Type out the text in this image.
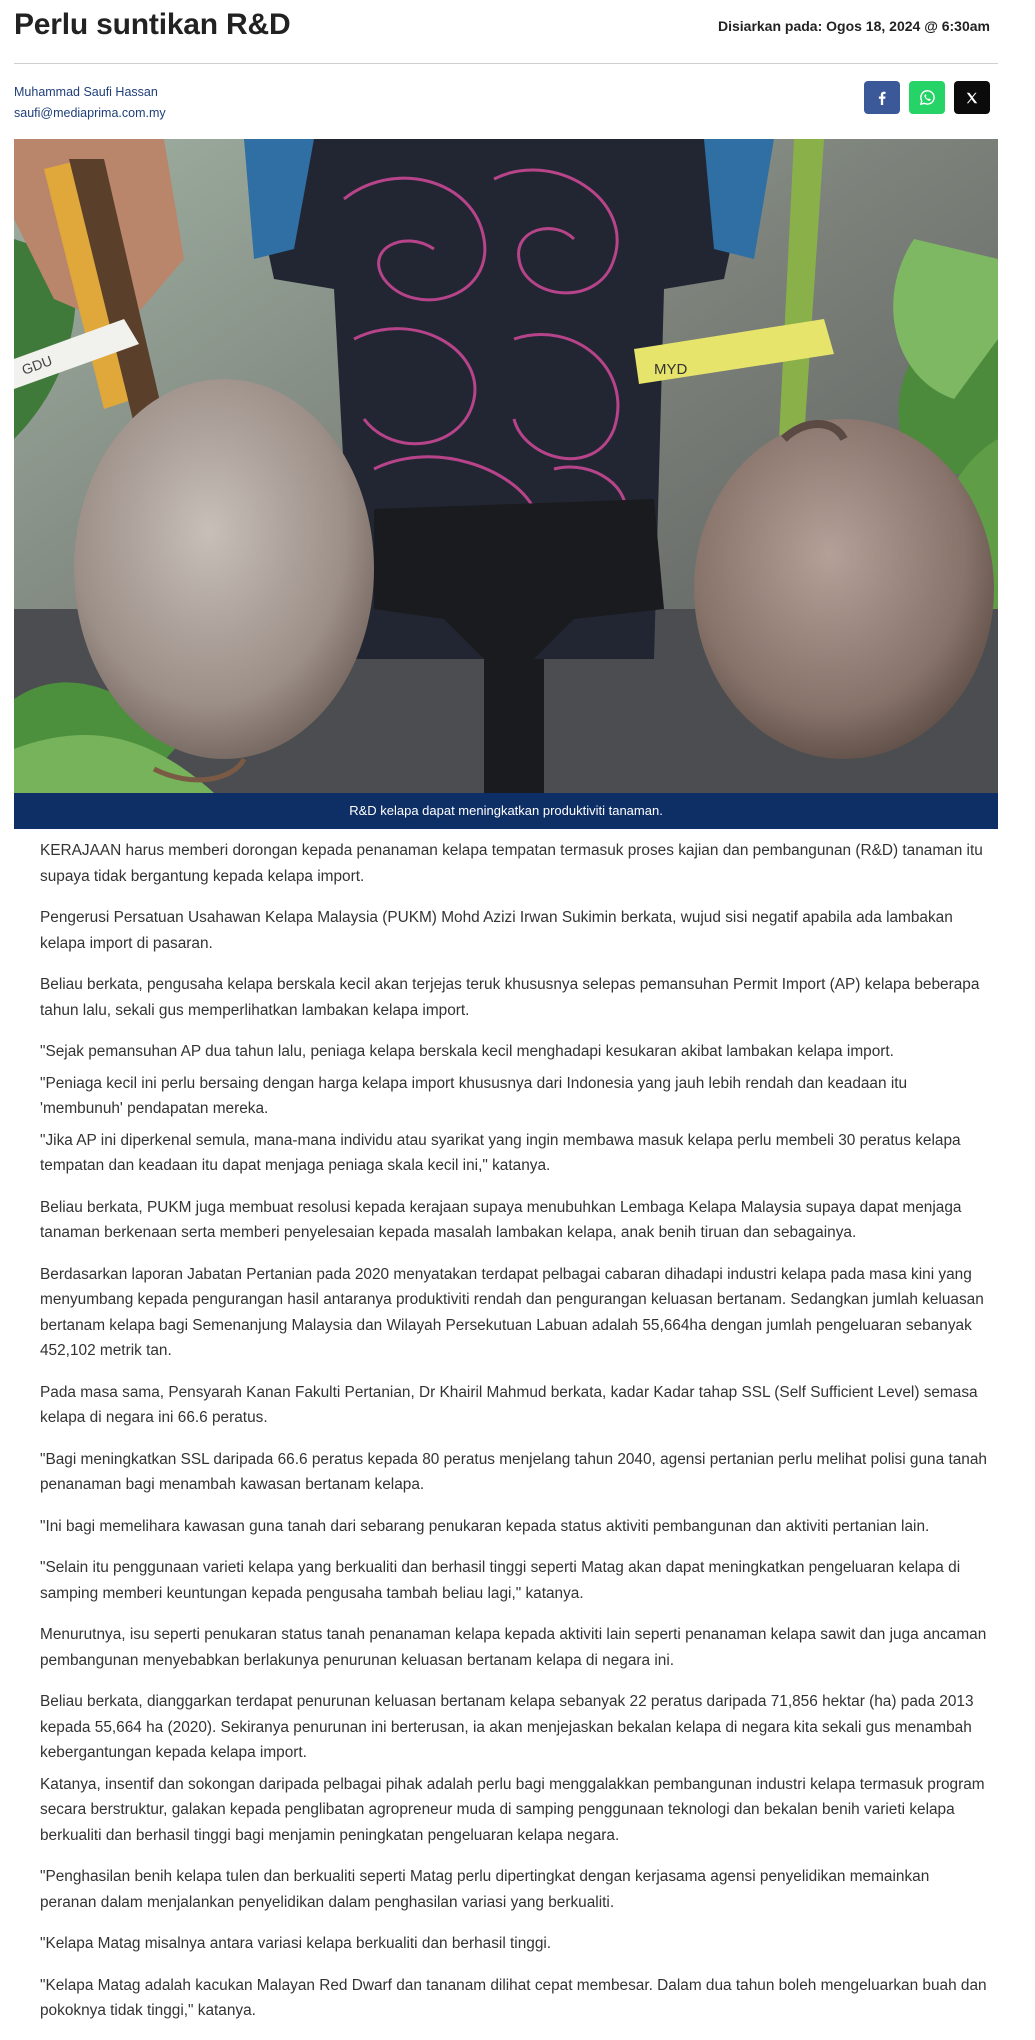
Perlu suntikan R&D	Disiarkan pada: Ogos 18, 2024 @ 6:30am
Muhammad Saufi Hassan
saufi@mediaprima.com.my
GDU	MYD
R&D kelapa dapat meningkatkan produktiviti tanaman.

KERAJAAN harus memberi dorongan kepada penanaman kelapa tempatan termasuk proses kajian dan pembangunan (R&D) tanaman itu supaya tidak bergantung kepada kelapa import.

Pengerusi Persatuan Usahawan Kelapa Malaysia (PUKM) Mohd Azizi Irwan Sukimin berkata, wujud sisi negatif apabila ada lambakan kelapa import di pasaran.

Beliau berkata, pengusaha kelapa berskala kecil akan terjejas teruk khususnya selepas pemansuhan Permit Import (AP) kelapa beberapa tahun lalu, sekali gus memperlihatkan lambakan kelapa import.

"Sejak pemansuhan AP dua tahun lalu, peniaga kelapa berskala kecil menghadapi kesukaran akibat lambakan kelapa import.

"Peniaga kecil ini perlu bersaing dengan harga kelapa import khususnya dari Indonesia yang jauh lebih rendah dan keadaan itu 'membunuh' pendapatan mereka.

"Jika AP ini diperkenal semula, mana-mana individu atau syarikat yang ingin membawa masuk kelapa perlu membeli 30 peratus kelapa tempatan dan keadaan itu dapat menjaga peniaga skala kecil ini," katanya.

Beliau berkata, PUKM juga membuat resolusi kepada kerajaan supaya menubuhkan Lembaga Kelapa Malaysia supaya dapat menjaga tanaman berkenaan serta memberi penyelesaian kepada masalah lambakan kelapa, anak benih tiruan dan sebagainya.

Berdasarkan laporan Jabatan Pertanian pada 2020 menyatakan terdapat pelbagai cabaran dihadapi industri kelapa pada masa kini yang menyumbang kepada pengurangan hasil antaranya produktiviti rendah dan pengurangan keluasan bertanam. Sedangkan jumlah keluasan bertanam kelapa bagi Semenanjung Malaysia dan Wilayah Persekutuan Labuan adalah 55,664ha dengan jumlah pengeluaran sebanyak 452,102 metrik tan.

Pada masa sama, Pensyarah Kanan Fakulti Pertanian, Dr Khairil Mahmud berkata, kadar Kadar tahap SSL (Self Sufficient Level) semasa kelapa di negara ini 66.6 peratus.

"Bagi meningkatkan SSL daripada 66.6 peratus kepada 80 peratus menjelang tahun 2040, agensi pertanian perlu melihat polisi guna tanah penanaman bagi menambah kawasan bertanam kelapa.

"Ini bagi memelihara kawasan guna tanah dari sebarang penukaran kepada status aktiviti pembangunan dan aktiviti pertanian lain.

"Selain itu penggunaan varieti kelapa yang berkualiti dan berhasil tinggi seperti Matag akan dapat meningkatkan pengeluaran kelapa di samping memberi keuntungan kepada pengusaha tambah beliau lagi," katanya.

Menurutnya, isu seperti penukaran status tanah penanaman kelapa kepada aktiviti lain seperti penanaman kelapa sawit dan juga ancaman pembangunan menyebabkan berlakunya penurunan keluasan bertanam kelapa di negara ini.

Beliau berkata, dianggarkan terdapat penurunan keluasan bertanam kelapa sebanyak 22 peratus daripada 71,856 hektar (ha) pada 2013 kepada 55,664 ha (2020). Sekiranya penurunan ini berterusan, ia akan menjejaskan bekalan kelapa di negara kita sekali gus menambah kebergantungan kepada kelapa import.

Katanya, insentif dan sokongan daripada pelbagai pihak adalah perlu bagi menggalakkan pembangunan industri kelapa termasuk program secara berstruktur, galakan kepada penglibatan agropreneur muda di samping penggunaan teknologi dan bekalan benih varieti kelapa berkualiti dan berhasil tinggi bagi menjamin peningkatan pengeluaran kelapa negara.

"Penghasilan benih kelapa tulen dan berkualiti seperti Matag perlu dipertingkat dengan kerjasama agensi penyelidikan memainkan peranan dalam menjalankan penyelidikan dalam penghasilan variasi yang berkualiti.

"Kelapa Matag misalnya antara variasi kelapa berkualiti dan berhasil tinggi.

"Kelapa Matag adalah kacukan Malayan Red Dwarf dan tananam dilihat cepat membesar. Dalam dua tahun boleh mengeluarkan buah dan pokoknya tidak tinggi," katanya.
